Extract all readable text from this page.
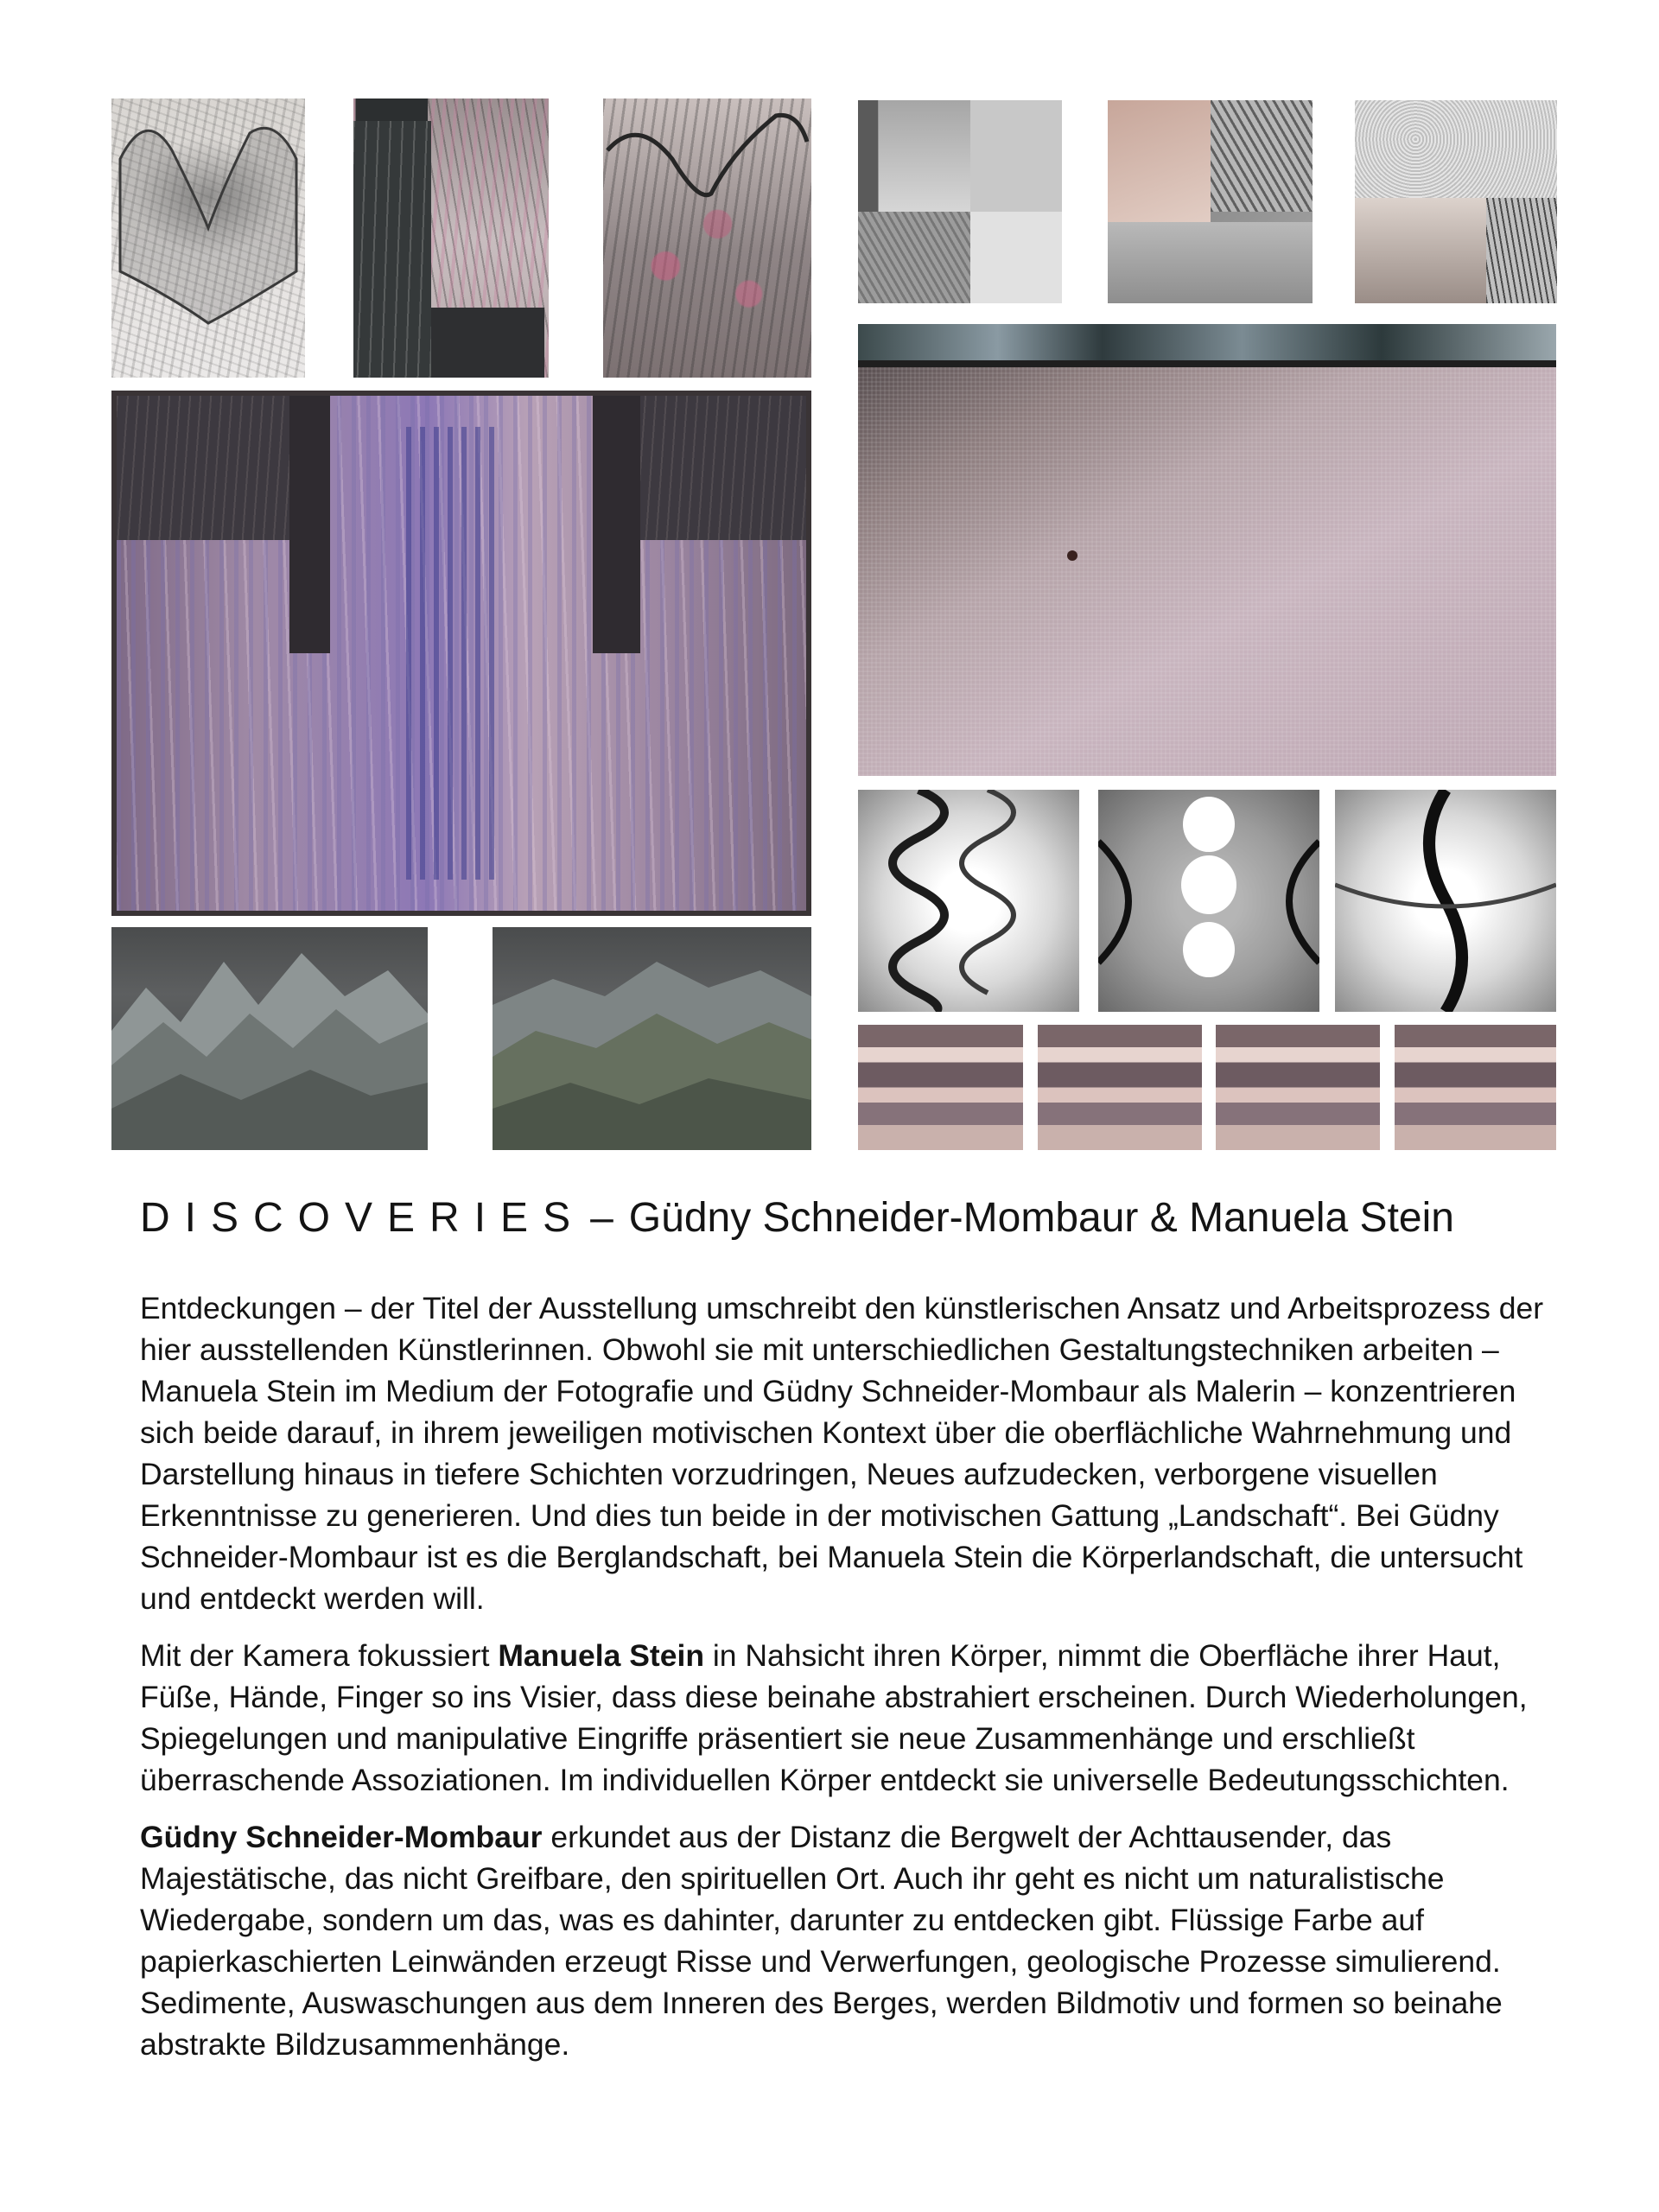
DISCOVERIES – Güdny Schneider-Mombaur & Manuela Stein

Entdeckungen – der Titel der Ausstellung umschreibt den künstlerischen Ansatz und Arbeitsprozess der hier ausstellenden Künstlerinnen. Obwohl sie mit unterschiedlichen Gestaltungstechniken arbeiten – Manuela Stein im Medium der Fotografie und Güdny Schneider-Mombaur als Malerin – konzentrieren sich beide darauf, in ihrem jeweiligen motivischen Kontext über die oberflächliche Wahrnehmung und Darstellung hinaus in tiefere Schichten vorzudringen, Neues aufzudecken, verborgene visuellen Erkenntnisse zu generieren. Und dies tun beide in der motivischen Gattung „Landschaft“. Bei Güdny Schneider-Mombaur ist es die Berglandschaft, bei Manuela Stein die Körperlandschaft, die untersucht und entdeckt werden will.

Mit der Kamera fokussiert Manuela Stein in Nahsicht ihren Körper, nimmt die Oberfläche ihrer Haut, Füße, Hände, Finger so ins Visier, dass diese beinahe abstrahiert erscheinen. Durch Wiederholungen, Spiegelungen und manipulative Eingriffe präsentiert sie neue Zusammenhänge und erschließt überraschende Assoziationen. Im individuellen Körper entdeckt sie universelle Bedeutungsschichten.

Güdny Schneider-Mombaur erkundet aus der Distanz die Bergwelt der Achttausender, das Majestätische, das nicht Greifbare, den spirituellen Ort. Auch ihr geht es nicht um naturalistische Wiedergabe, sondern um das, was es dahinter, darunter zu entdecken gibt. Flüssige Farbe auf papierkaschierten Leinwänden erzeugt Risse und Verwerfungen, geologische Prozesse simulierend. Sedimente, Auswaschungen aus dem Inneren des Berges, werden Bildmotiv und formen so beinahe abstrakte Bildzusammenhänge.
